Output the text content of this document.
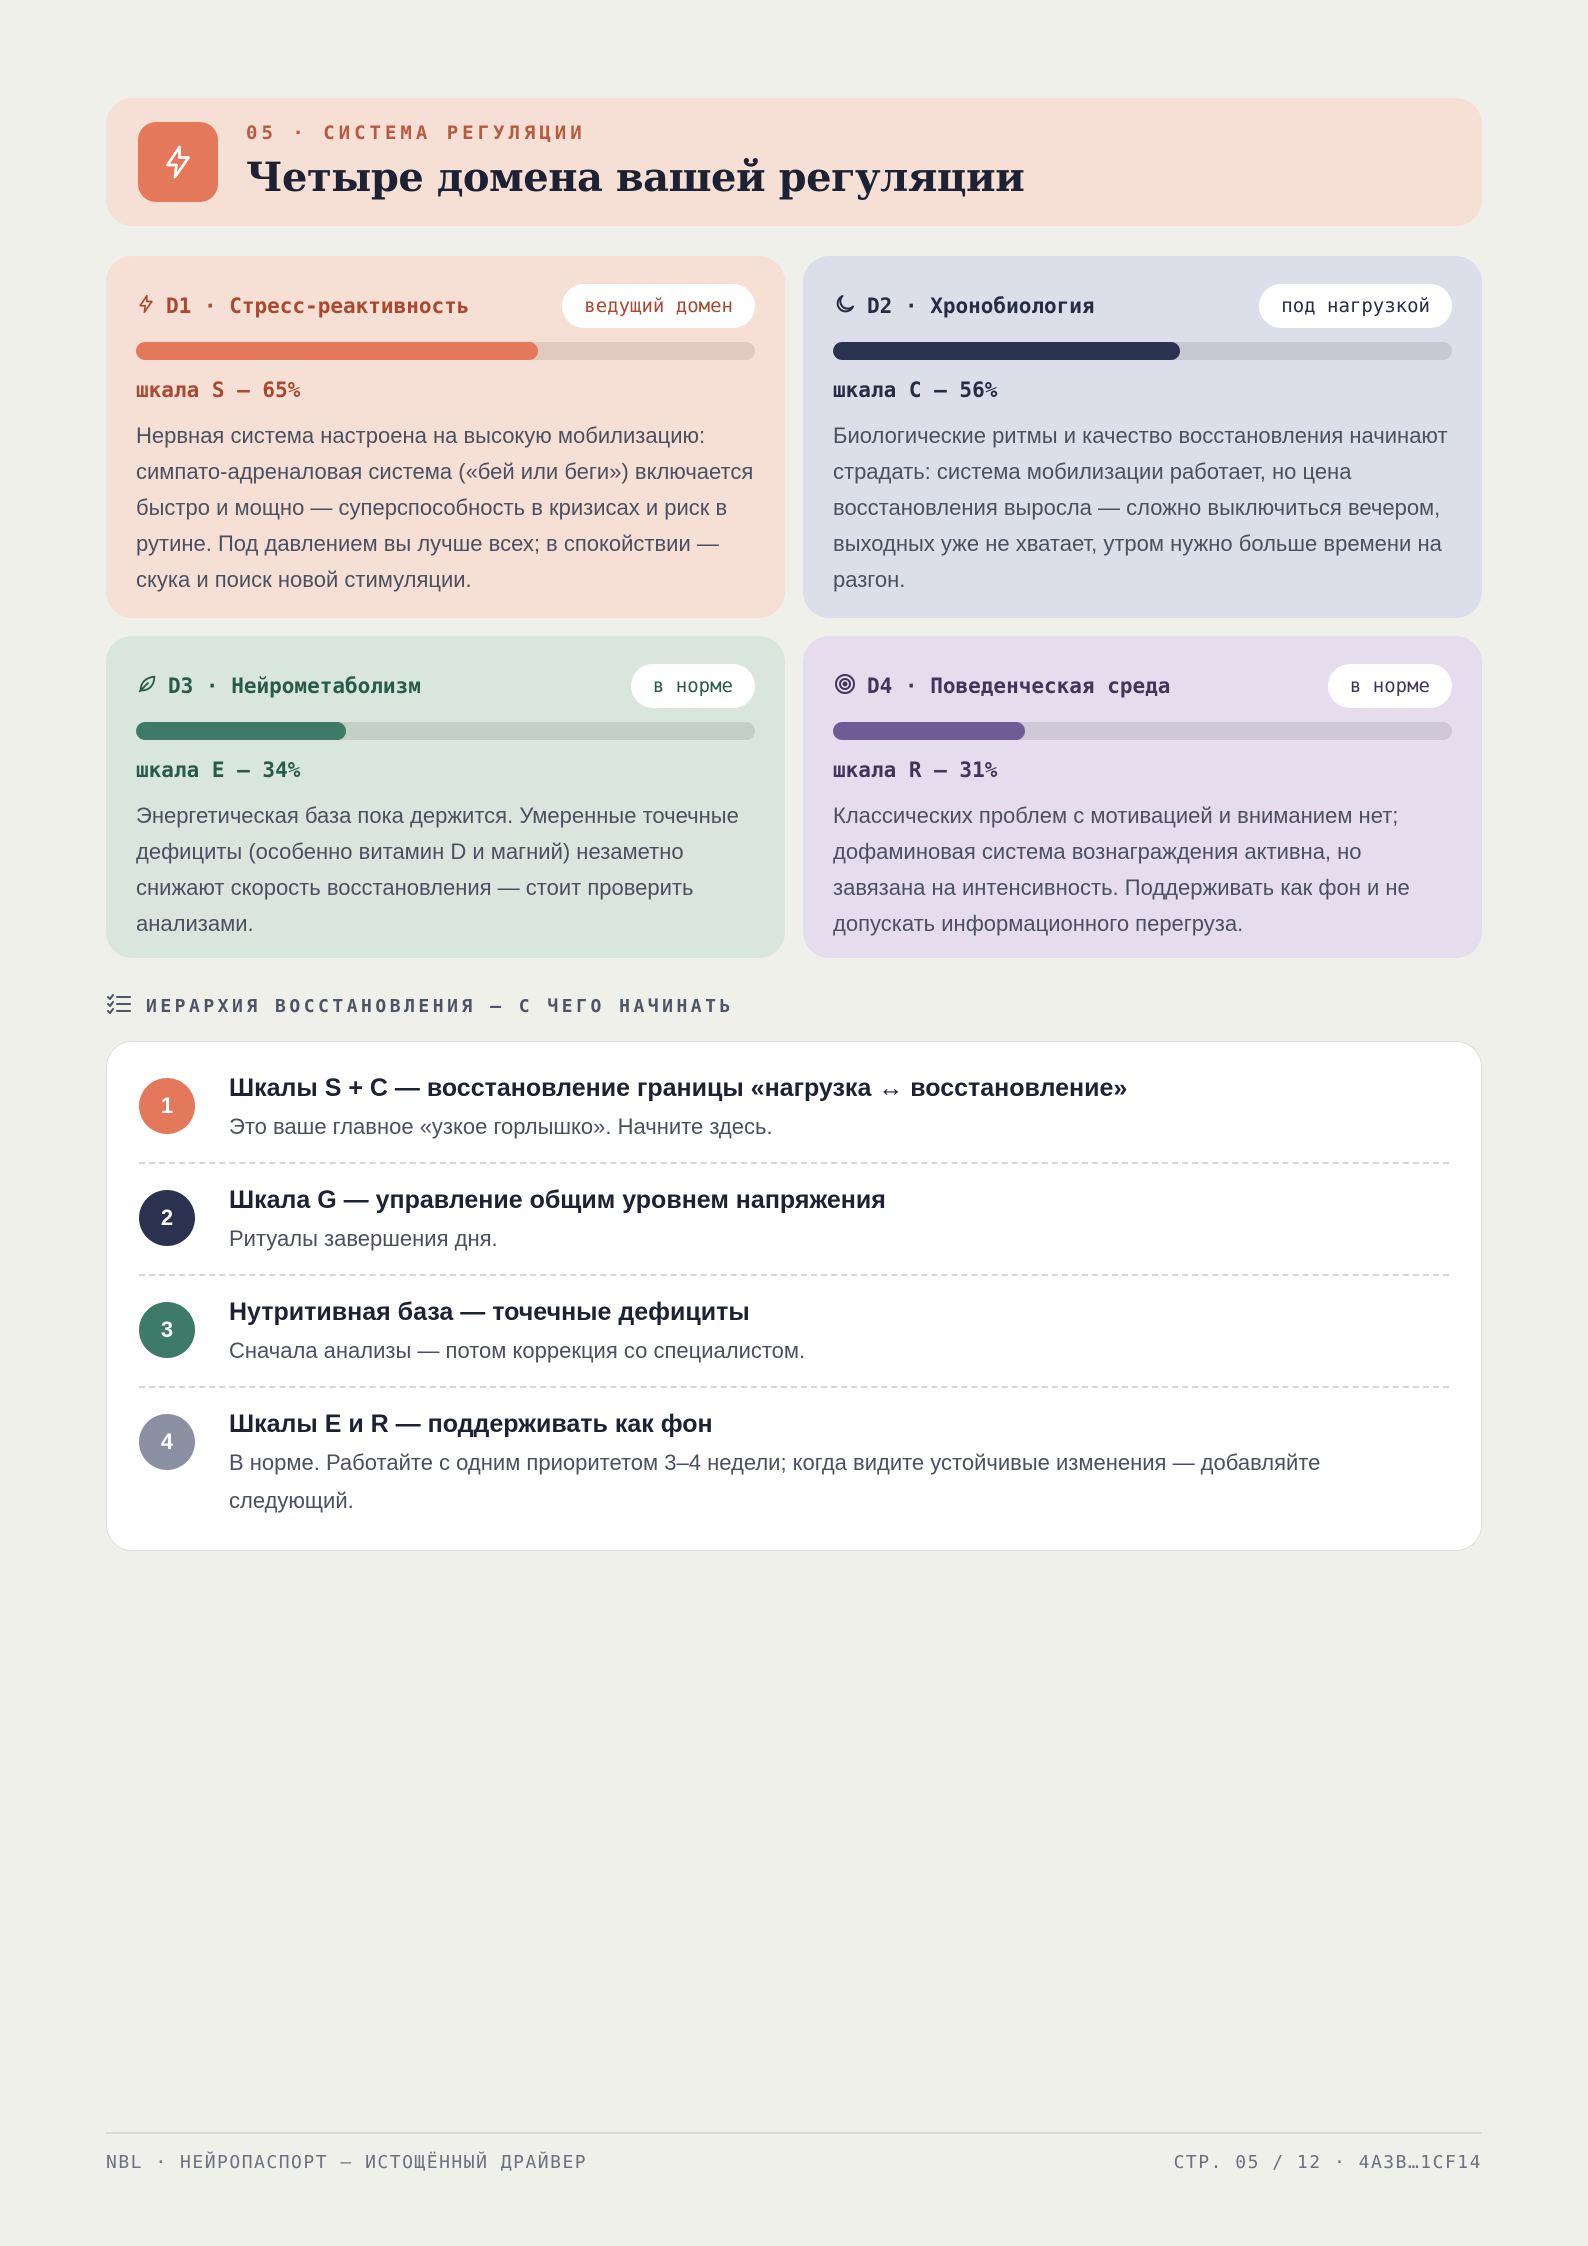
05 · СИСТЕМА РЕГУЛЯЦИИ
Четыре домена вашей регуляции
D1 · Стресс-реактивность	ведущий домен
шкала S — 65%
Нервная система настроена на высокую мобилизацию: симпато-адреналовая система («бей или беги») включается быстро и мощно — суперспособность в кризисах и риск в рутине. Под давлением вы лучше всех; в спокойствии — скука и поиск новой стимуляции.
D2 · Хронобиология	под нагрузкой
шкала C — 56%
Биологические ритмы и качество восстановления начинают страдать: система мобилизации работает, но цена восстановления выросла — сложно выключиться вечером, выходных уже не хватает, утром нужно больше времени на разгон.
D3 · Нейрометаболизм	в норме
шкала E — 34%
Энергетическая база пока держится. Умеренные точечные дефициты (особенно витамин D и магний) незаметно снижают скорость восстановления — стоит проверить анализами.
D4 · Поведенческая среда	в норме
шкала R — 31%
Классических проблем с мотивацией и вниманием нет; дофаминовая система вознаграждения активна, но завязана на интенсивность. Поддерживать как фон и не допускать информационного перегруза.
ИЕРАРХИЯ ВОССТАНОВЛЕНИЯ — С ЧЕГО НАЧИНАТЬ
1
Шкалы S + C — восстановление границы «нагрузка ↔ восстановление»
Это ваше главное «узкое горлышко». Начните здесь.
2
Шкала G — управление общим уровнем напряжения
Ритуалы завершения дня.
3
Нутритивная база — точечные дефициты
Сначала анализы — потом коррекция со специалистом.
4
Шкалы E и R — поддерживать как фон
В норме. Работайте с одним приоритетом 3–4 недели; когда видите устойчивые изменения — добавляйте следующий.
NBL · НЕЙРОПАСПОРТ — ИСТОЩЁННЫЙ ДРАЙВЕР	СТР. 05 / 12 · 4A3B…1CF14
